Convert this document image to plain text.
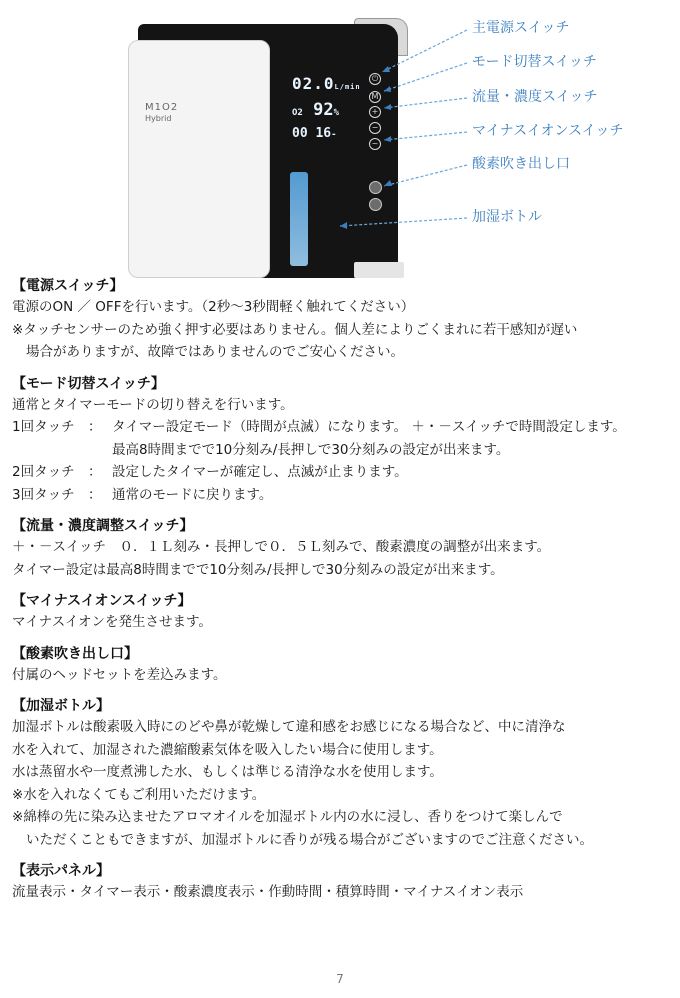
M1O2
Hybrid
02.0L/min
O2 92%
00 16-
⏻
M
+
−
~
主電源スイッチ
モード切替スイッチ
流量・濃度スイッチ
マイナスイオンスイッチ
酸素吹き出し口
加湿ボトル
【電源スイッチ】
電源のON ／ OFFを行います。（2秒～3秒間軽く触れてください）
※タッチセンサーのため強く押す必要はありません。個人差によりごくまれに若干感知が遅い
場合がありますが、故障ではありませんのでご安心ください。
【モード切替スイッチ】
通常とタイマーモードの切り替えを行います。
1回タッチ ： タイマー設定モード（時間が点滅）になります。 ＋・－スイッチで時間設定します。
最高8時間までで10分刻み/長押しで30分刻みの設定が出来ます。
2回タッチ ： 設定したタイマーが確定し、点滅が止まります。
3回タッチ ： 通常のモードに戻ります。
【流量・濃度調整スイッチ】
＋・－スイッチ　０．１Ｌ刻み・長押しで０．５Ｌ刻みで、酸素濃度の調整が出来ます。
タイマー設定は最高8時間までで10分刻み/長押しで30分刻みの設定が出来ます。
【マイナスイオンスイッチ】
マイナスイオンを発生させます。
【酸素吹き出し口】
付属のヘッドセットを差込みます。
【加湿ボトル】
加湿ボトルは酸素吸入時にのどや鼻が乾燥して違和感をお感じになる場合など、中に清浄な
水を入れて、加湿された濃縮酸素気体を吸入したい場合に使用します。
水は蒸留水や一度煮沸した水、もしくは準じる清浄な水を使用します。
※水を入れなくてもご利用いただけます。
※綿棒の先に染み込ませたアロマオイルを加湿ボトル内の水に浸し、香りをつけて楽しんで
いただくこともできますが、加湿ボトルに香りが残る場合がございますのでご注意ください。
【表示パネル】
流量表示・タイマー表示・酸素濃度表示・作動時間・積算時間・マイナスイオン表示
7
